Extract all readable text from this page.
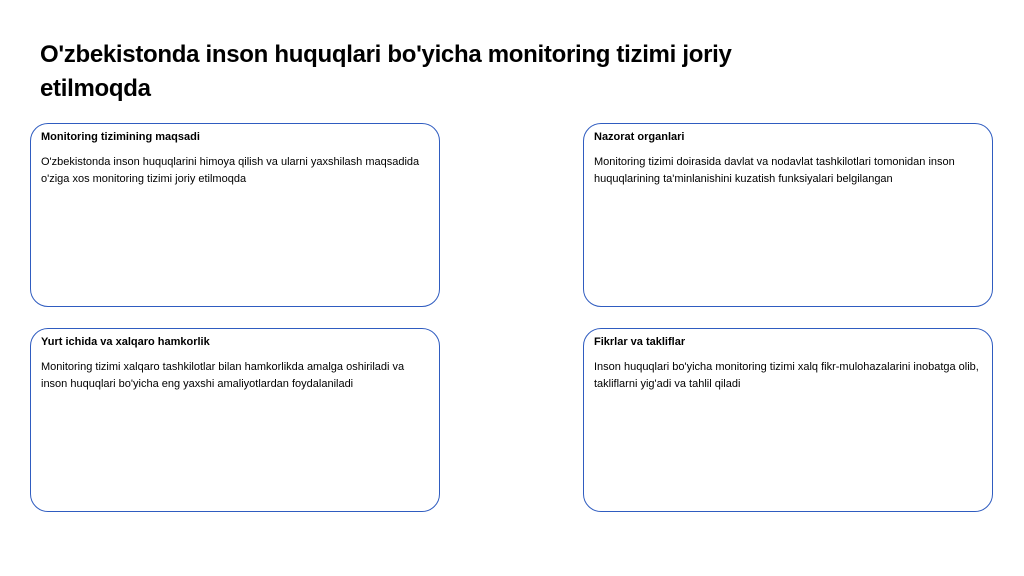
O'zbekistonda inson huquqlari bo'yicha monitoring tizimi joriy etilmoqda

Monitoring tizimining maqsadi

O'zbekistonda inson huquqlarini himoya qilish va ularni yaxshilash maqsadida o'ziga xos monitoring tizimi joriy etilmoqda

Nazorat organlari

Monitoring tizimi doirasida davlat va nodavlat tashkilotlari tomonidan inson huquqlarining ta'minlanishini kuzatish funksiyalari belgilangan

Yurt ichida va xalqaro hamkorlik

Monitoring tizimi xalqaro tashkilotlar bilan hamkorlikda amalga oshiriladi va inson huquqlari bo'yicha eng yaxshi amaliyotlardan foydalaniladi

Fikrlar va takliflar

Inson huquqlari bo'yicha monitoring tizimi xalq fikr-mulohazalarini inobatga olib, takliflarni yig'adi va tahlil qiladi
